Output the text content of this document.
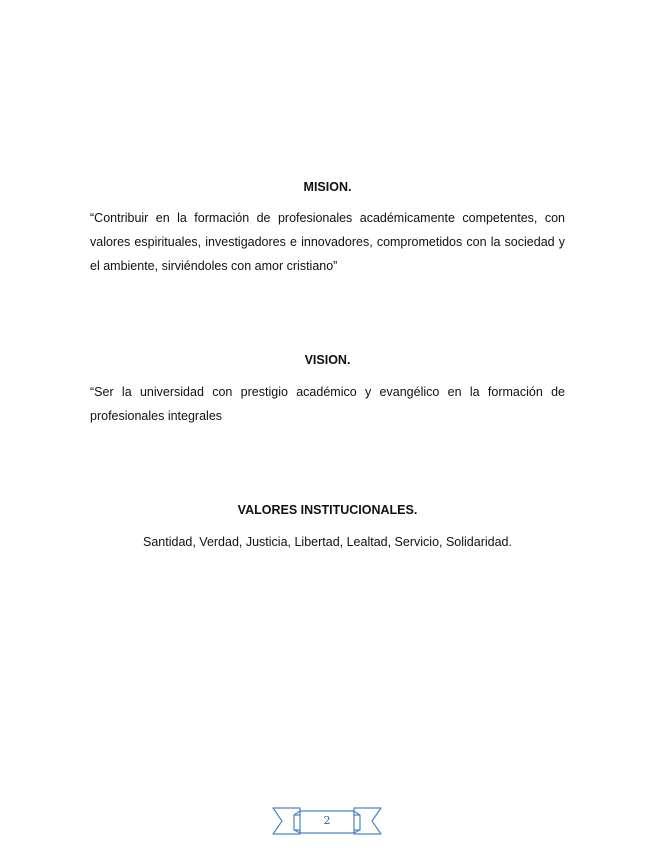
MISION.

“Contribuir en la formación de profesionales académicamente competentes, con valores espirituales, investigadores e innovadores, comprometidos con la sociedad y el ambiente, sirviéndoles con amor cristiano”

VISION.

“Ser la universidad con prestigio académico y evangélico en la formación de profesionales integrales

VALORES INSTITUCIONALES.

Santidad, Verdad, Justicia, Libertad, Lealtad, Servicio, Solidaridad.

2
